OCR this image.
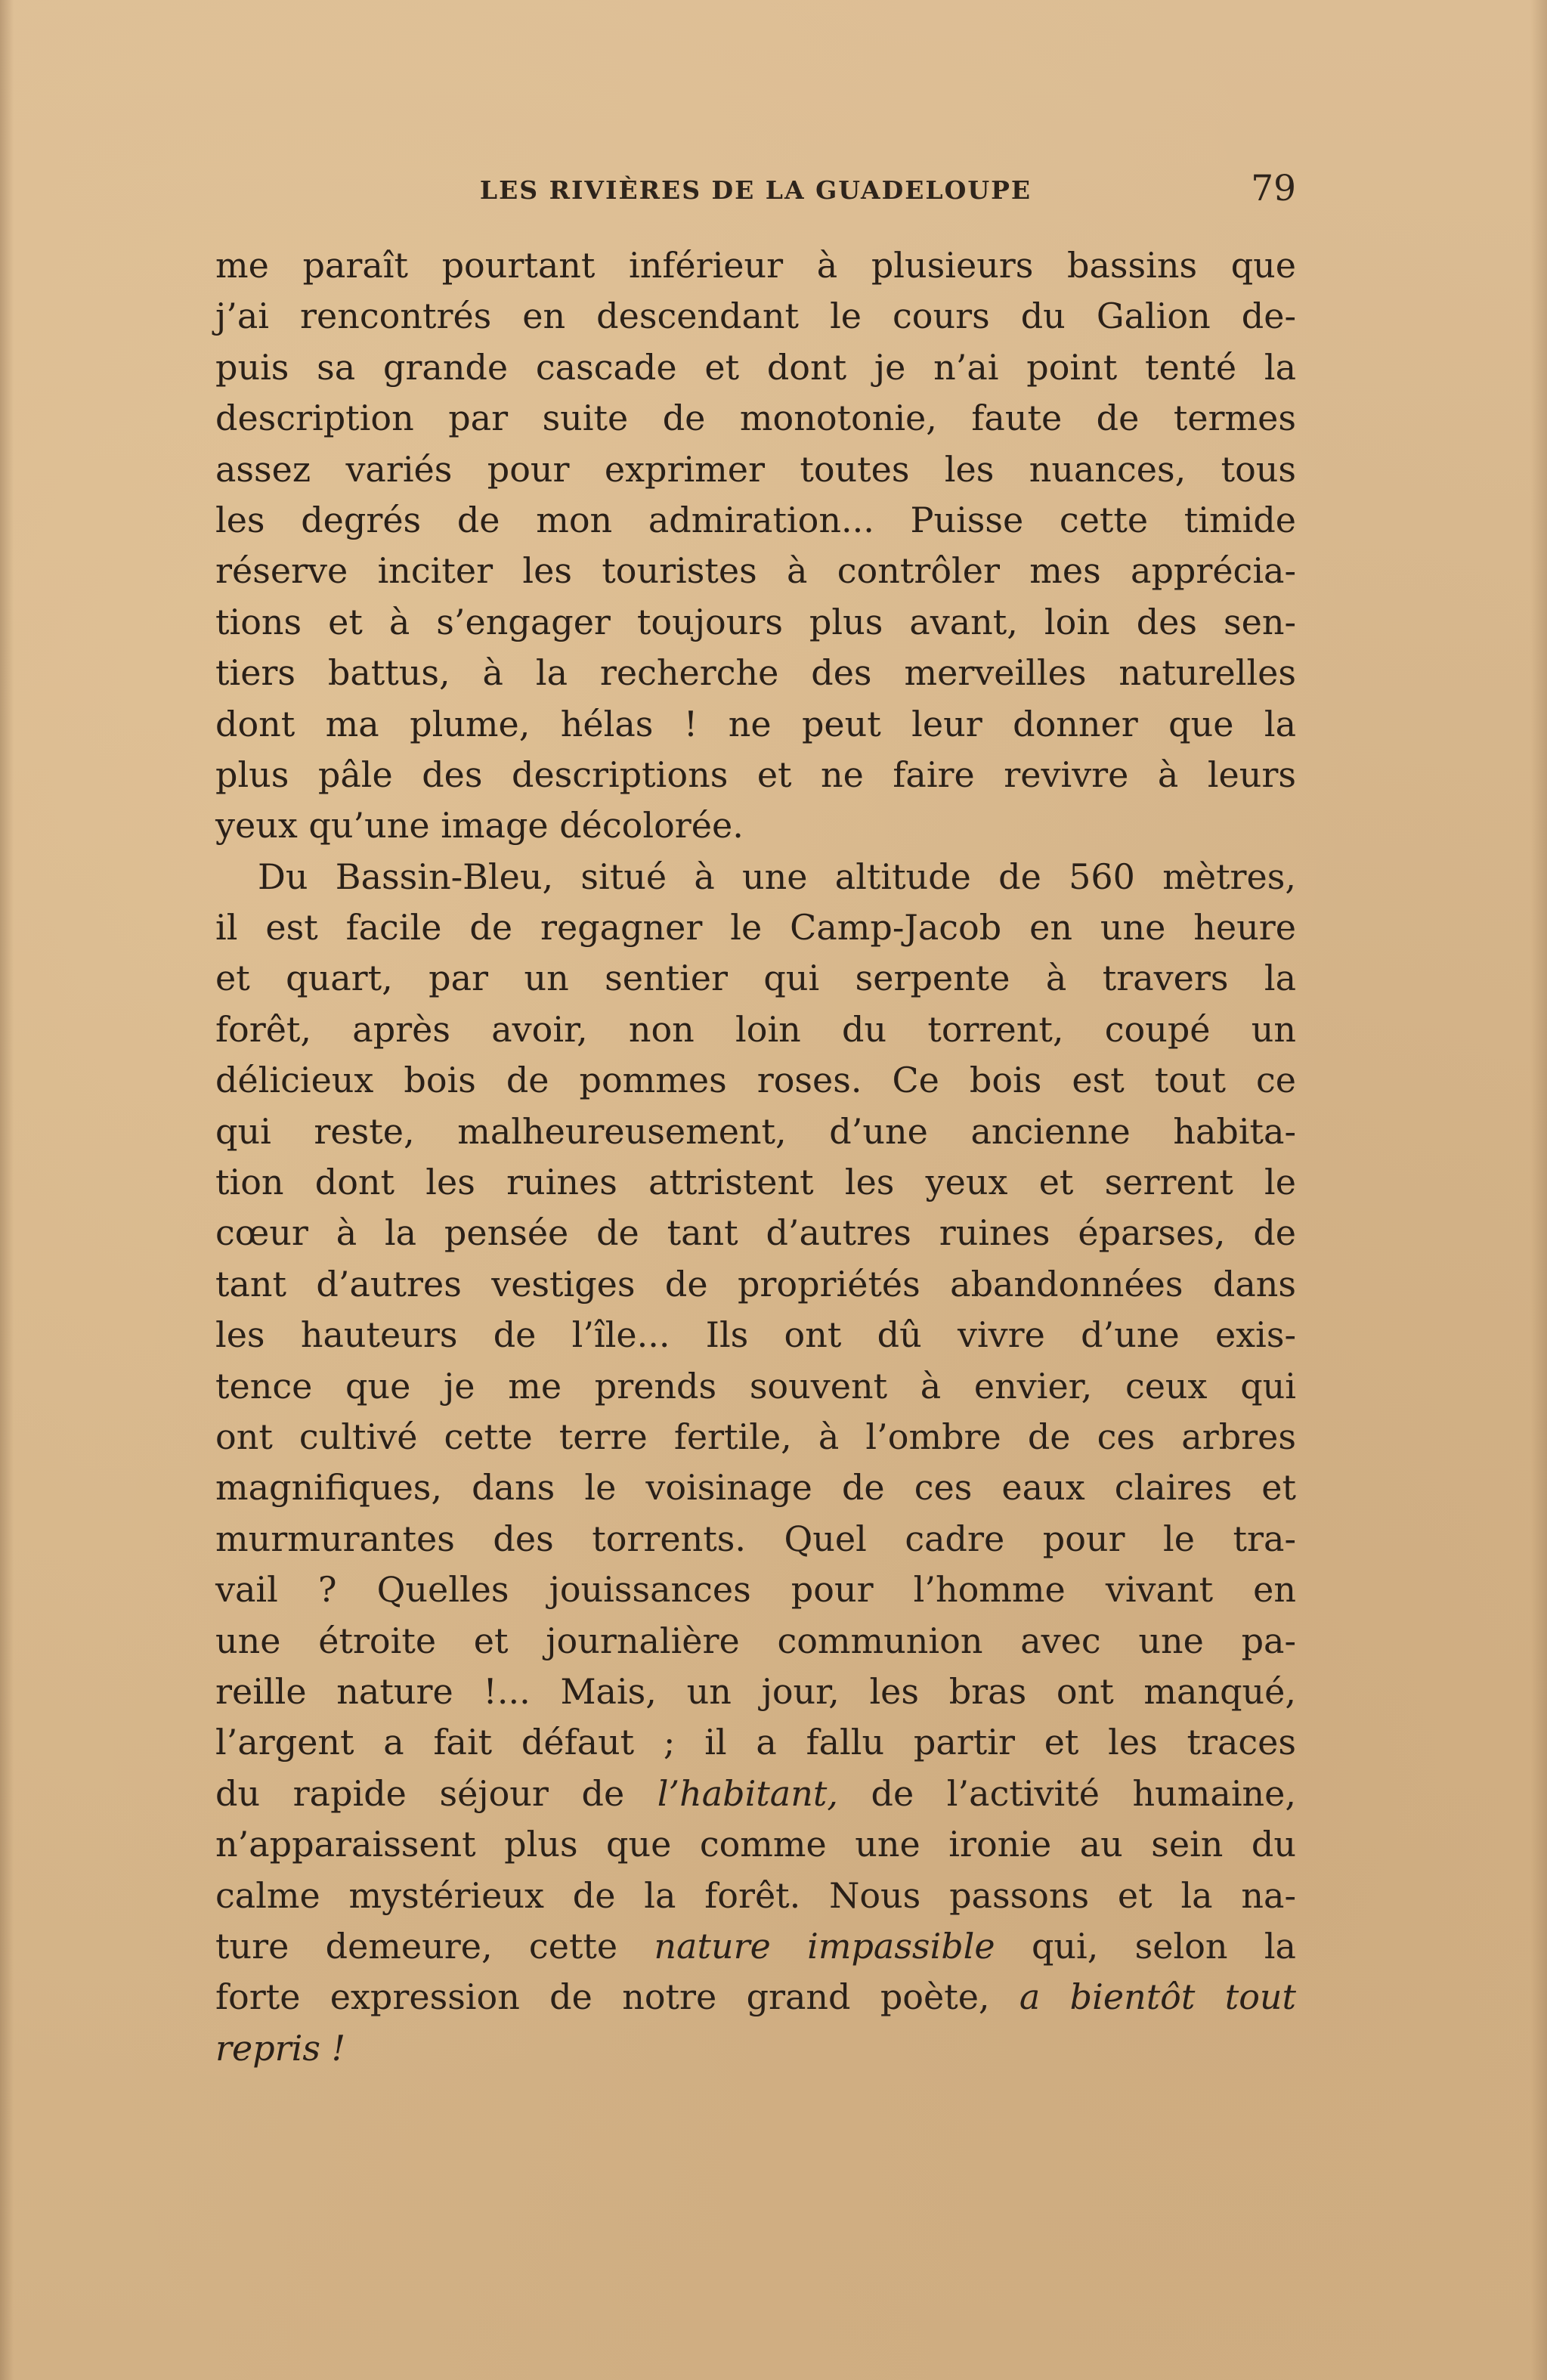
LES RIVIÈRES DE LA GUADELOUPE	79
me paraît pourtant inférieur à plusieurs bassins que
j’ai rencontrés en descendant le cours du Galion de-
puis sa grande cascade et dont je n’ai point tenté la
description par suite de monotonie, faute de termes
assez variés pour exprimer toutes les nuances, tous
les degrés de mon admiration... Puisse cette timide
réserve inciter les touristes à contrôler mes apprécia-
tions et à s’engager toujours plus avant, loin des sen-
tiers battus, à la recherche des merveilles naturelles
dont ma plume, hélas ! ne peut leur donner que la
plus pâle des descriptions et ne faire revivre à leurs
yeux qu’une image décolorée.
Du Bassin-Bleu, situé à une altitude de 560 mètres,
il est facile de regagner le Camp-Jacob en une heure
et quart, par un sentier qui serpente à travers la
forêt, après avoir, non loin du torrent, coupé un
délicieux bois de pommes roses. Ce bois est tout ce
qui reste, malheureusement, d’une ancienne habita-
tion dont les ruines attristent les yeux et serrent le
cœur à la pensée de tant d’autres ruines éparses, de
tant d’autres vestiges de propriétés abandonnées dans
les hauteurs de l’île... Ils ont dû vivre d’une exis-
tence que je me prends souvent à envier, ceux qui
ont cultivé cette terre fertile, à l’ombre de ces arbres
magnifiques, dans le voisinage de ces eaux claires et
murmurantes des torrents. Quel cadre pour le tra-
vail ? Quelles jouissances pour l’homme vivant en
une étroite et journalière communion avec une pa-
reille nature !... Mais, un jour, les bras ont manqué,
l’argent a fait défaut ; il a fallu partir et les traces
du rapide séjour de l’habitant, de l’activité humaine,
n’apparaissent plus que comme une ironie au sein du
calme mystérieux de la forêt. Nous passons et la na-
ture demeure, cette nature impassible qui, selon la
forte expression de notre grand poète, a bientôt tout
repris !
